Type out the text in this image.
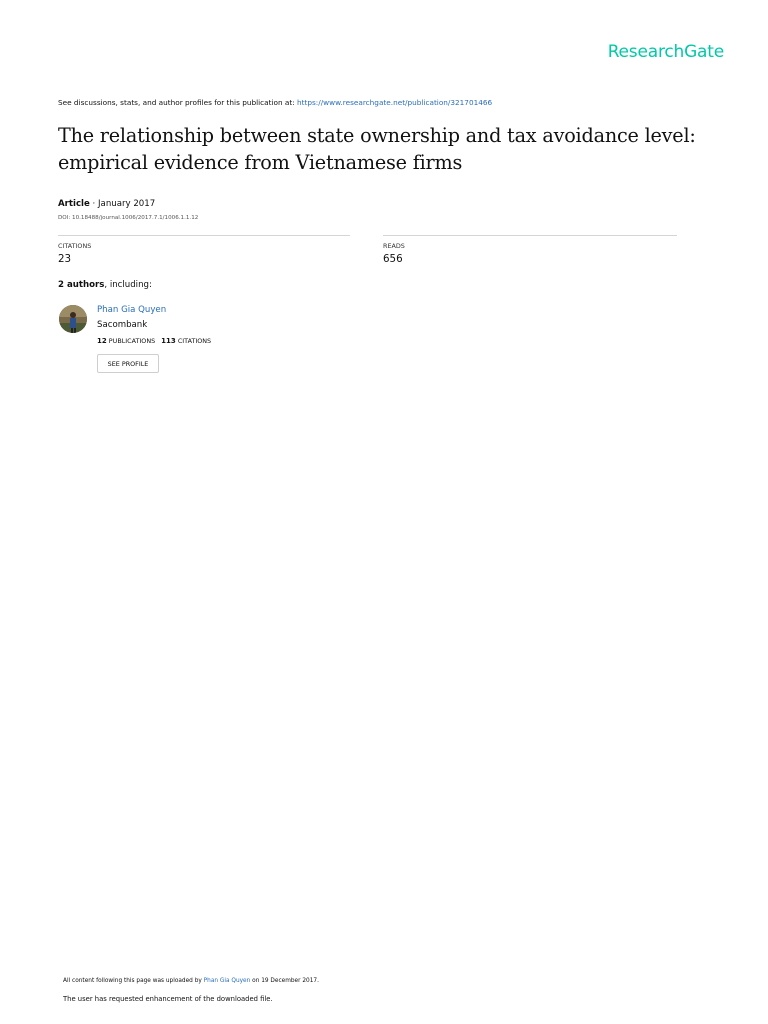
ResearchGate
See discussions, stats, and author profiles for this publication at: https://www.researchgate.net/publication/321701466
The relationship between state ownership and tax avoidance level: empirical evidence from Vietnamese firms
Article · January 2017
DOI: 10.18488/journal.1006/2017.7.1/1006.1.1.12
CITATIONS
23
READS
656
2 authors, including:
Phan Gia Quyen
Sacombank
12 PUBLICATIONS 113 CITATIONS
SEE PROFILE
All content following this page was uploaded by Phan Gia Quyen on 19 December 2017.
The user has requested enhancement of the downloaded file.
